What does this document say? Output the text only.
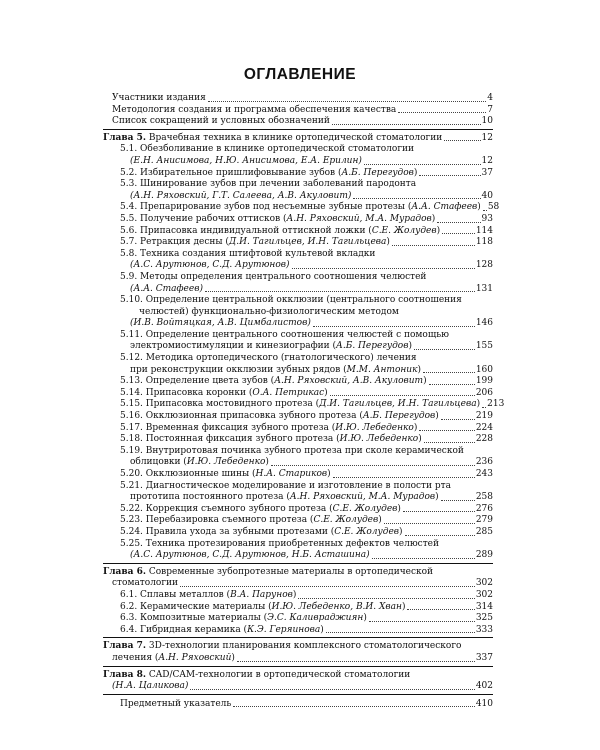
ОГЛАВЛЕНИЕ
Участники издания	4
Методология создания и программа обеспечения качества	7
Список сокращений и условных обозначений	10
Глава 5. Врачебная техника в клинике ортопедической стоматологии	12
5.1. Обезболивание в клинике ортопедической стоматологии
(Е.Н. Анисимова, Н.Ю. Анисимова, Е.А. Ерилин)	12
5.2. Избирательное пришлифовывание зубов (А.Б. Перегудов)	37
5.3. Шинирование зубов при лечении заболеваний пародонта
(А.Н. Ряховский, Г.Т. Салеева, А.В. Акуловит)	40
5.4. Препарирование зубов под несъемные зубные протезы (А.А. Стафеев) 58
5.5. Получение рабочих оттисков (А.Н. Ряховский, М.А. Мурадов)	93
5.6. Припасовка индивидуальной оттискной ложки (С.Е. Жолудев)	114
5.7. Ретракция десны (Д.И. Тагильцев, И.Н. Тагильцева)	118
5.8. Техника создания штифтовой культевой вкладки
(А.С. Арутюнов, С.Д. Арутюнов)	128
5.9. Методы определения центрального соотношения челюстей
(А.А. Стафеев)	131
5.10. Определение центральной окклюзии (центрального соотношения
челюстей) функционально-физиологическим методом
(И.В. Войтяцкая, А.В. Цимбалистов)	146
5.11. Определение центрального соотношения челюстей с помощью
электромиостимуляции и кинезиографии (А.Б. Перегудов)	155
5.12. Методика ортопедического (гнатологического) лечения
при реконструкции окклюзии зубных рядов (М.М. Антоник)	160
5.13. Определение цвета зубов (А.Н. Ряховский, А.В. Акуловит)	199
5.14. Припасовка коронки (О.А. Петрикас)	206
5.15. Припасовка мостовидного протеза (Д.И. Тагильцев, И.Н. Тагильцева) 213
5.16. Окклюзионная припасовка зубного протеза (А.Б. Перегудов)	219
5.17. Временная фиксация зубного протеза (И.Ю. Лебеденко)	224
5.18. Постоянная фиксация зубного протеза (И.Ю. Лебеденко)	228
5.19. Внутриротовая починка зубного протеза при сколе керамической
облицовки (И.Ю. Лебеденко)	236
5.20. Окклюзионные шины (Н.А. Стариков)	243
5.21. Диагностическое моделирование и изготовление в полости рта
прототипа постоянного протеза (А.Н. Ряховский, М.А. Мурадов)	258
5.22. Коррекция съемного зубного протеза (С.Е. Жолудев)	276
5.23. Перебазировка съемного протеза (С.Е. Жолудев)	279
5.24. Правила ухода за зубными протезами (С.Е. Жолудев)	285
5.25. Техника протезирования приобретенных дефектов челюстей
(А.С. Арутюнов, С.Д. Арутюнов, Н.Б. Асташина)	289
Глава 6. Современные зубопротезные материалы в ортопедической
стоматологии	302
6.1. Сплавы металлов (В.А. Парунов)	302
6.2. Керамические материалы (И.Ю. Лебеденко, В.И. Хван)	314
6.3. Композитные материалы (Э.С. Каливраджиян)	325
6.4. Гибридная керамика (К.Э. Геряинова)	333
Глава 7. 3D-технологии планирования комплексного стоматологического
лечения (А.Н. Ряховский)	337
Глава 8. CAD/CAM-технологии в ортопедической стоматологии
(Н.А. Цаликова)	402
Предметный указатель	410
